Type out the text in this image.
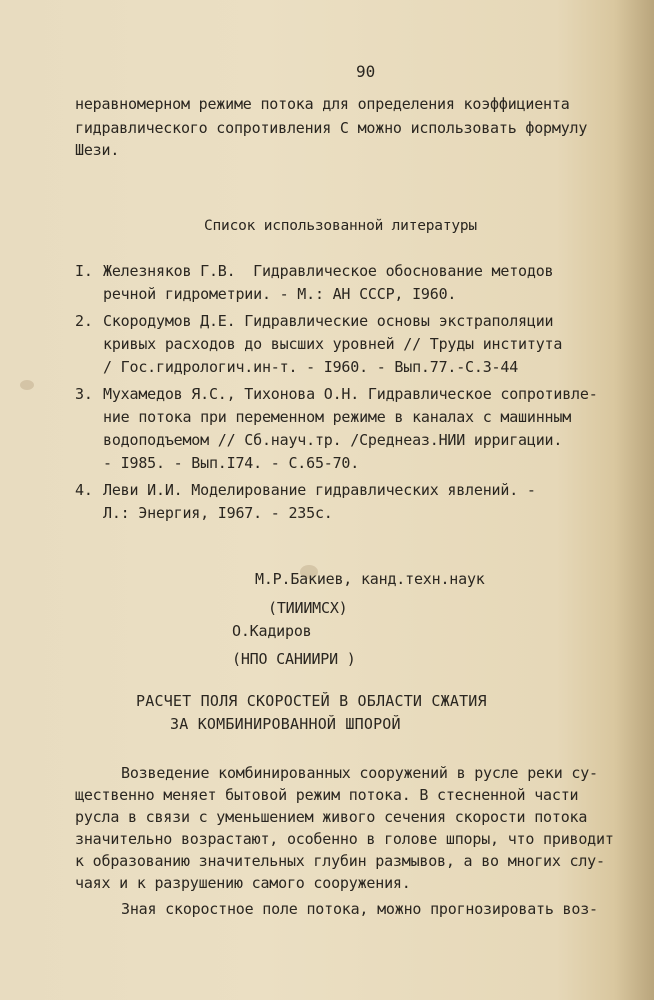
90
неравномерном режиме потока для определения коэффициента
гидравлического сопротивления С можно использовать формулу
Шези.
Список использованной литературы
I. Железняков Г.В.  Гидравлическое обоснование методов
речной гидрометрии. - М.: АН СССР, I960.
2. Скородумов Д.Е. Гидравлические основы экстраполяции
кривых расходов до высших уровней // Труды института
/ Гос.гидрологич.ин-т. - I960. - Вып.77.-С.3-44
3. Мухамедов Я.С., Тихонова О.Н. Гидравлическое сопротивле-
ние потока при переменном режиме в каналах с машинным
водоподъемом // Сб.науч.тр. /Среднеаз.НИИ ирригации.
- I985. - Вып.I74. - С.65-70.
4. Леви И.И. Моделирование гидравлических явлений. -
Л.: Энергия, I967. - 235с.
М.Р.Бакиев, канд.техн.наук
(ТИИИМСХ)
О.Кадиров
(НПО САНИИРИ )
РАСЧЕТ ПОЛЯ СКОРОСТЕЙ В ОБЛАСТИ СЖАТИЯ
ЗА КОМБИНИРОВАННОЙ ШПОРОЙ
Возведение комбинированных сооружений в русле реки су-
щественно меняет бытовой режим потока. В стесненной части
русла в связи с уменьшением живого сечения скорости потока
значительно возрастают, особенно в голове шпоры, что приводит
к образованию значительных глубин размывов, а во многих слу-
чаях и к разрушению самого сооружения.
Зная скоростное поле потока, можно прогнозировать воз-
